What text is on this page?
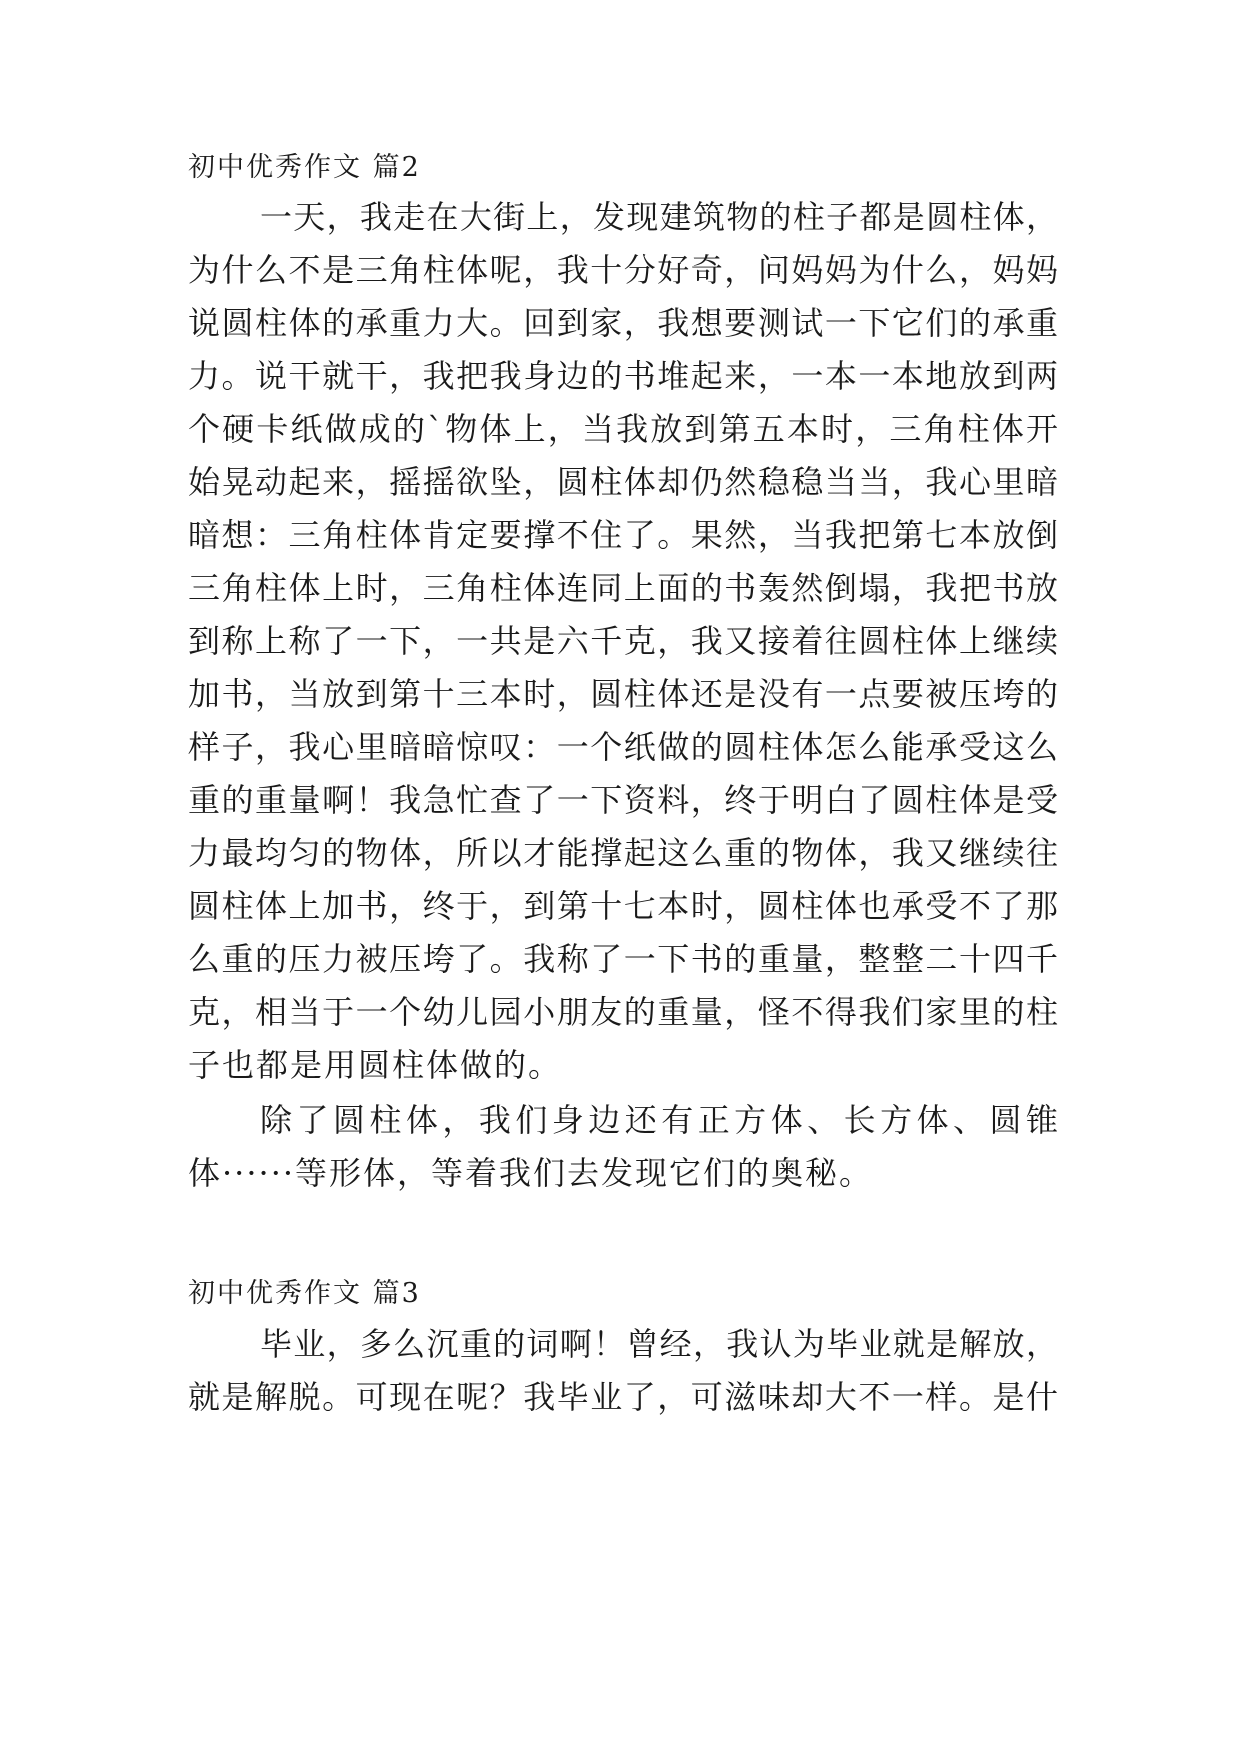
初中优秀作文 篇2
一天，我走在大街上，发现建筑物的柱子都是圆柱体，
为什么不是三角柱体呢，我十分好奇，问妈妈为什么，妈妈
说圆柱体的承重力大。回到家，我想要测试一下它们的承重
力。说干就干，我把我身边的书堆起来，一本一本地放到两
个硬卡纸做成的`物体上，当我放到第五本时，三角柱体开
始晃动起来，摇摇欲坠，圆柱体却仍然稳稳当当，我心里暗
暗想：三角柱体肯定要撑不住了。果然，当我把第七本放倒
三角柱体上时，三角柱体连同上面的书轰然倒塌，我把书放
到称上称了一下，一共是六千克，我又接着往圆柱体上继续
加书，当放到第十三本时，圆柱体还是没有一点要被压垮的
样子，我心里暗暗惊叹：一个纸做的圆柱体怎么能承受这么
重的重量啊！我急忙查了一下资料，终于明白了圆柱体是受
力最均匀的物体，所以才能撑起这么重的物体，我又继续往
圆柱体上加书，终于，到第十七本时，圆柱体也承受不了那
么重的压力被压垮了。我称了一下书的重量，整整二十四千
克，相当于一个幼儿园小朋友的重量，怪不得我们家里的柱
子也都是用圆柱体做的。
除了圆柱体，我们身边还有正方体、长方体、圆锥
体······等形体，等着我们去发现它们的奥秘。
初中优秀作文 篇3
毕业，多么沉重的词啊！曾经，我认为毕业就是解放，
就是解脱。可现在呢？我毕业了，可滋味却大不一样。是什
